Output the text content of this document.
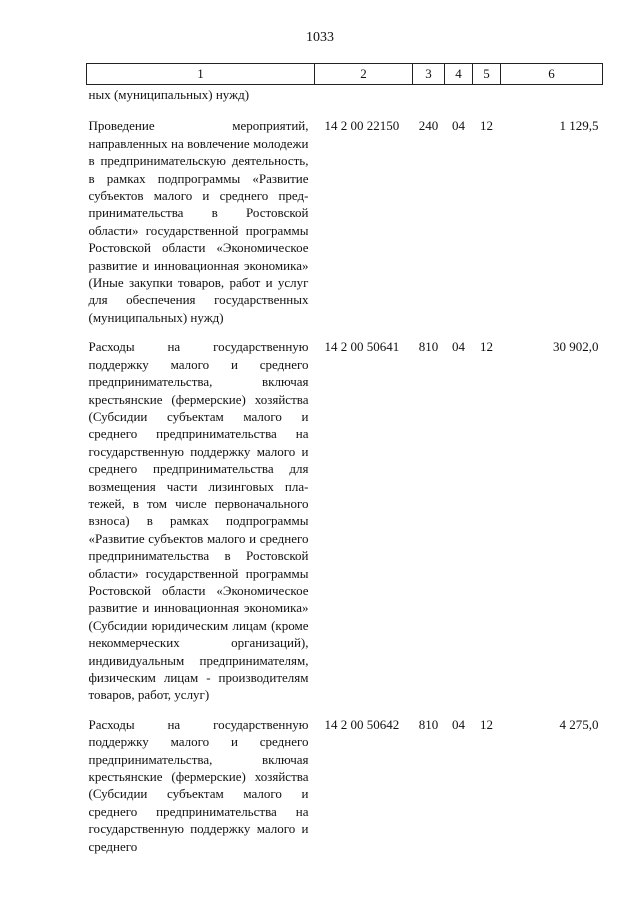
1033
1	2	3	4	5	6
ных (муниципальных) нужд)					
Проведение мероприятий, направленных на вовлечение молодежи в предпринимательскую деятельность, в рамках подпрограммы «Развитие субъектов малого и среднего предпринимательства в Ростовской области» государственной программы Ростовской области «Экономическое развитие и инновационная экономика» (Иные закупки товаров, работ и услуг для обеспечения государственных (муниципальных) нужд)	14 2 00 22150	240	04	12	1 129,5
Расходы на государственную поддержку малого и среднего предпринимательства, включая крестьянские (фермерские) хозяйства (Субсидии субъектам малого и среднего предпринимательства на государственную поддержку малого и среднего предпринимательства для возмещения части лизинговых платежей, в том числе первоначального взноса) в рамках подпрограммы «Развитие субъектов малого и среднего предпринимательства в Ростовской области» государственной программы Ростовской области «Экономическое развитие и инновационная экономика» (Субсидии юридическим лицам (кроме некоммерческих организаций), индивидуальным предпринимателям, физическим лицам - производителям товаров, работ, услуг)	14 2 00 50641	810	04	12	30 902,0
Расходы на государственную поддержку малого и среднего предпринимательства, включая крестьянские (фермерские) хозяйства (Субсидии субъектам малого и среднего предпринимательства на государственную поддержку малого и среднего	14 2 00 50642	810	04	12	4 275,0
